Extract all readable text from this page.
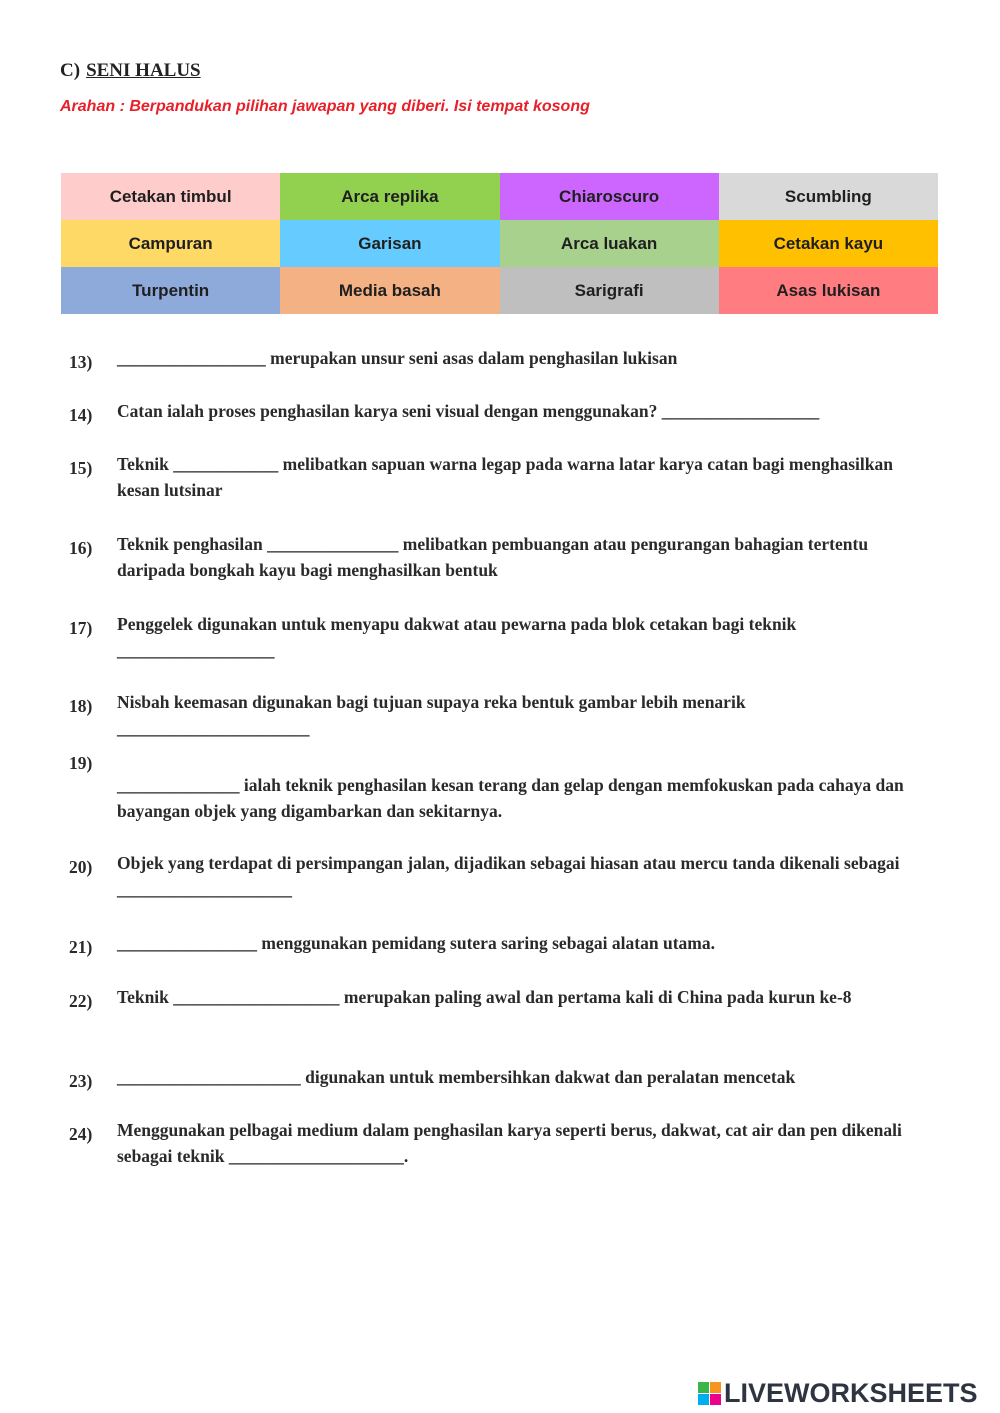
C) SENI HALUS
Arahan : Berpandukan pilihan jawapan yang diberi. Isi tempat kosong
Cetakan timbul	Arca replika	Chiaroscuro	Scumbling
Campuran	Garisan	Arca luakan	Cetakan kayu
Turpentin	Media basah	Sarigrafi	Asas lukisan
13) _________________ merupakan unsur seni asas dalam penghasilan lukisan
14) Catan ialah proses penghasilan karya seni visual dengan menggunakan? __________________
15) Teknik ____________ melibatkan sapuan warna legap pada warna latar karya catan bagi menghasilkan kesan lutsinar
16) Teknik penghasilan _______________ melibatkan pembuangan atau pengurangan bahagian tertentu daripada bongkah kayu bagi menghasilkan bentuk
17) Penggelek digunakan untuk menyapu dakwat atau pewarna pada blok cetakan bagi teknik __________________
18) Nisbah keemasan digunakan bagi tujuan supaya reka bentuk gambar lebih menarik ______________________
19)
______________ ialah teknik penghasilan kesan terang dan gelap dengan memfokuskan pada cahaya dan bayangan objek yang digambarkan dan sekitarnya.
20) Objek yang terdapat di persimpangan jalan, dijadikan sebagai hiasan atau mercu tanda dikenali sebagai ____________________
21) ________________ menggunakan pemidang sutera saring sebagai alatan utama.
22) Teknik ___________________ merupakan paling awal dan pertama kali di China pada kurun ke-8
23) _____________________ digunakan untuk membersihkan dakwat dan peralatan mencetak
24) Menggunakan pelbagai medium dalam penghasilan karya seperti berus, dakwat, cat air dan pen dikenali sebagai teknik ____________________.
LIVEWORKSHEETS
